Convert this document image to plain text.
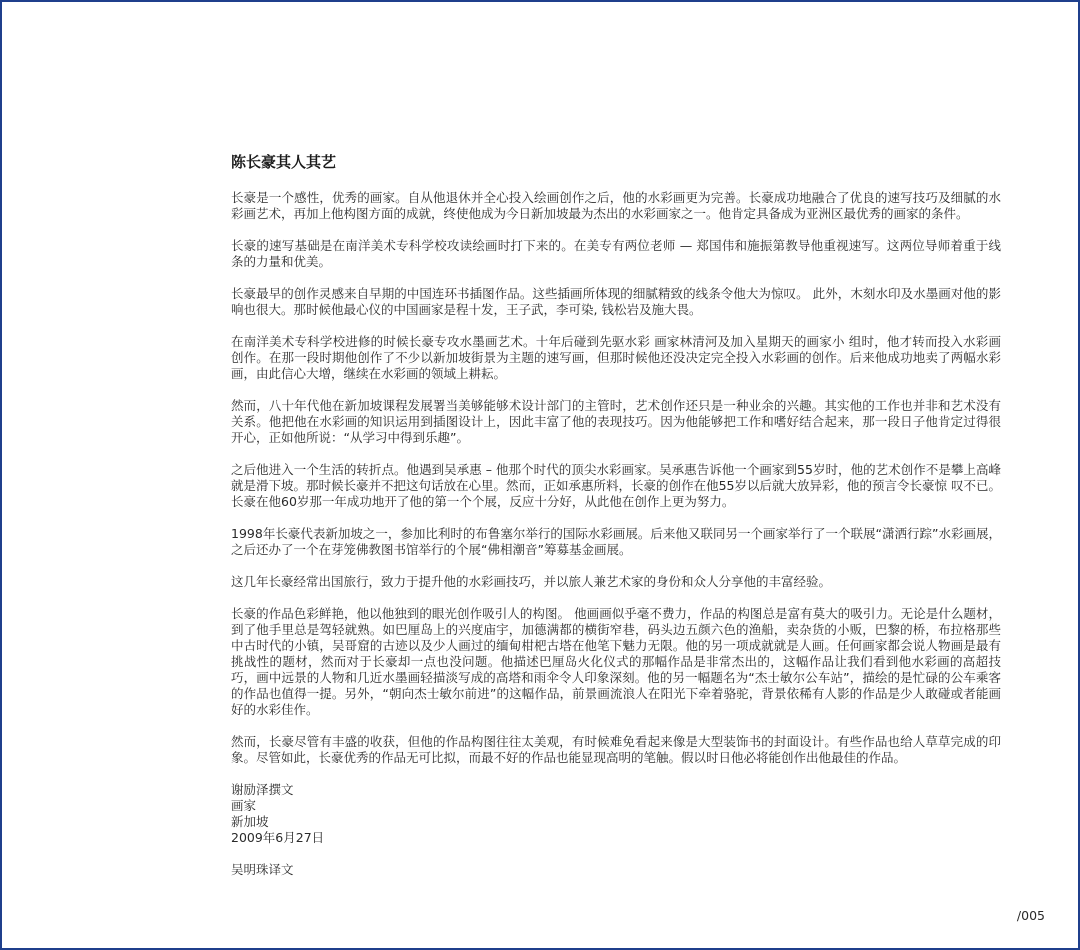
陈长豪其人其艺

长豪是一个感性，优秀的画家。自从他退休并全心投入绘画创作之后，他的水彩画更为完善。长豪成功地融合了优良的速写技巧及细腻的水彩画艺术，再加上他构图方面的成就，终使他成为今日新加坡最为杰出的水彩画家之一。他肯定具备成为亚洲区最优秀的画家的条件。

长豪的速写基础是在南洋美术专科学校攻读绘画时打下来的。在美专有两位老师 — 郑国伟和施振第教导他重视速写。这两位导师着重于线条的力量和优美。

长豪最早的创作灵感来自早期的中国连环书插图作品。这些插画所体现的细腻精致的线条令他大为惊叹。 此外，木刻水印及水墨画对他的影响也很大。那时候他最心仪的中国画家是程十发，王子武，李可染, 钱松岩及施大畏。

在南洋美术专科学校进修的时候长豪专攻水墨画艺术。十年后碰到先驱水彩 画家林清河及加入星期天的画家小 组时，他才转而投入水彩画创作。在那一段时期他创作了不少以新加坡街景为主题的速写画，但那时候他还没决定完全投入水彩画的创作。后来他成功地卖了两幅水彩画，由此信心大增，继续在水彩画的领域上耕耘。

然而，八十年代他在新加坡课程发展署当美够能够术设计部门的主管时，艺术创作还只是一种业余的兴趣。其实他的工作也并非和艺术没有关系。他把他在水彩画的知识运用到插图设计上，因此丰富了他的表现技巧。因为他能够把工作和嗜好结合起来，那一段日子他肯定过得很开心，正如他所说：“从学习中得到乐趣”。

之后他进入一个生活的转折点。他遇到吴承惠 – 他那个时代的顶尖水彩画家。吴承惠告诉他一个画家到55岁时，他的艺术创作不是攀上高峰就是滑下坡。那时候长豪并不把这句话放在心里。然而，正如承惠所料，长豪的创作在他55岁以后就大放异彩，他的预言令长豪惊 叹不已。长豪在他60岁那一年成功地开了他的第一个个展，反应十分好，从此他在创作上更为努力。

1998年长豪代表新加坡之一，参加比利时的布鲁塞尔举行的国际水彩画展。后来他又联同另一个画家举行了一个联展“潇洒行踪”水彩画展，之后还办了一个在芽笼佛教图书馆举行的个展“佛相潮音”筹募基金画展。

这几年长豪经常出国旅行，致力于提升他的水彩画技巧，并以旅人兼艺术家的身份和众人分享他的丰富经验。

长豪的作品色彩鲜艳，他以他独到的眼光创作吸引人的构图。 他画画似乎毫不费力，作品的构图总是富有莫大的吸引力。无论是什么题材，到了他手里总是驾轻就熟。如巴厘岛上的兴度庙宇，加德满都的横街窄巷，码头边五颜六色的渔船，卖杂货的小贩，巴黎的桥，布拉格那些中古时代的小镇，吴哥窟的古迹以及少人画过的缅甸柑杷古塔在他笔下魅力无限。他的另一项成就就是人画。任何画家都会说人物画是最有挑战性的题材，然而对于长豪却一点也没问题。他描述巴厘岛火化仪式的那幅作品是非常杰出的，这幅作品让我们看到他水彩画的高超技巧，画中远景的人物和几近水墨画轻描淡写成的高塔和雨伞令人印象深刻。他的另一幅题名为“杰士敏尔公车站”，描绘的是忙碌的公车乘客的作品也值得一提。另外，“朝向杰士敏尔前进”的这幅作品，前景画流浪人在阳光下牵着骆驼，背景依稀有人影的作品是少人敢碰或者能画好的水彩佳作。

然而，长豪尽管有丰盛的收获，但他的作品构图往往太美观，有时候难免看起来像是大型装饰书的封面设计。有些作品也给人草草完成的印象。尽管如此，长豪优秀的作品无可比拟，而最不好的作品也能显现高明的笔触。假以时日他必将能创作出他最佳的作品。

谢励泽撰文

画家

新加坡

2009年6月27日

吴明珠译文

/005
